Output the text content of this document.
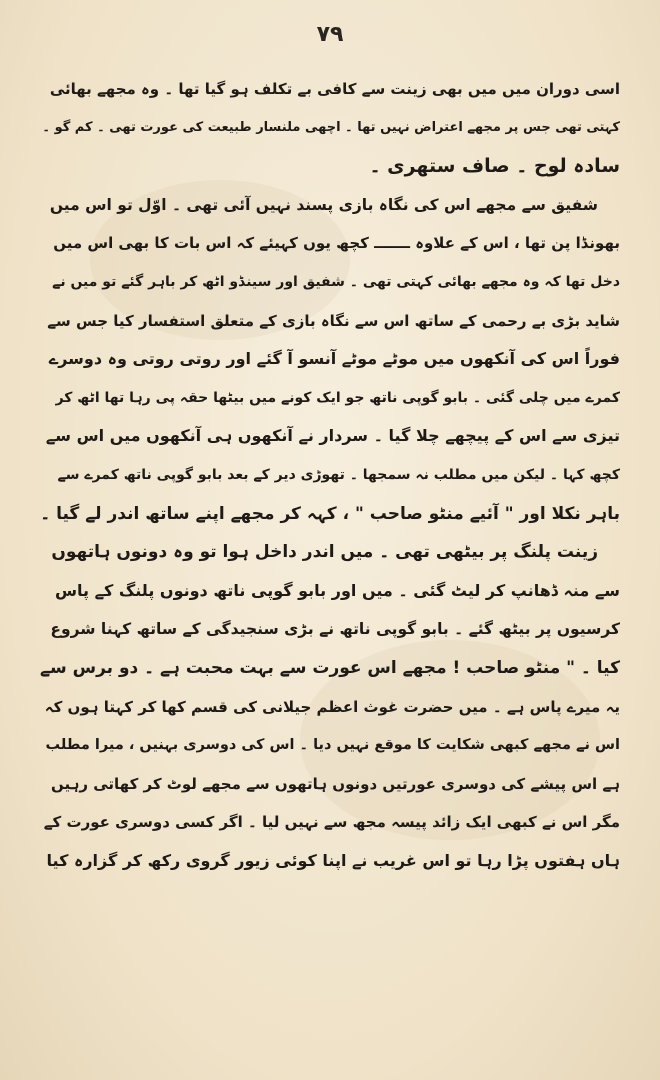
۷۹
اسی دوران میں میں بھی زینت سے کافی بے تکلف ہو گیا تھا ۔ وہ مجھے بھائی
کہتی تھی جس پر مجھے اعتراض نہیں تھا ۔ اچھی ملنسار طبیعت کی عورت تھی ۔ کم گو ۔
سادہ لوح ۔ صاف ستھری ۔
شفیق سے مجھے اس کی نگاہ بازی پسند نہیں آئی تھی ۔ اوّل تو اس میں
بھونڈا پن تھا ، اس کے علاوہ ـــــــ کچھ یوں کہیئے کہ اس بات کا بھی اس میں
دخل تھا کہ وہ مجھے بھائی کہتی تھی ۔ شفیق اور سینڈو اٹھ کر باہر گئے تو میں نے
شاید بڑی بے رحمی کے ساتھ اس سے نگاہ بازی کے متعلق استفسار کیا جس سے
فوراً اس کی آنکھوں میں موٹے موٹے آنسو آ گئے اور روتی روتی وہ دوسرے
کمرے میں چلی گئی ۔ بابو گوپی ناتھ جو ایک کونے میں بیٹھا حقہ پی رہا تھا اٹھ کر
تیزی سے اس کے پیچھے چلا گیا ۔ سردار نے آنکھوں ہی آنکھوں میں اس سے
کچھ کہا ۔ لیکن میں مطلب نہ سمجھا ۔ تھوڑی دیر کے بعد بابو گوپی ناتھ کمرے سے
باہر نکلا اور " آئیے منٹو صاحب " ، کہہ کر مجھے اپنے ساتھ اندر لے گیا ۔
زینت پلنگ پر بیٹھی تھی ۔ میں اندر داخل ہوا تو وہ دونوں ہاتھوں
سے منہ ڈھانپ کر لیٹ گئی ۔ میں اور بابو گوپی ناتھ دونوں پلنگ کے پاس
کرسیوں پر بیٹھ گئے ۔ بابو گوپی ناتھ نے بڑی سنجیدگی کے ساتھ کہنا شروع
کیا ۔ " منٹو صاحب ! مجھے اس عورت سے بہت محبت ہے ۔ دو برس سے
یہ میرے پاس ہے ۔ میں حضرت غوث اعظم جیلانی کی قسم کھا کر کہتا ہوں کہ
اس نے مجھے کبھی شکایت کا موقع نہیں دیا ۔ اس کی دوسری بہنیں ، میرا مطلب
ہے اس پیشے کی دوسری عورتیں دونوں ہاتھوں سے مجھے لوٹ کر کھاتی رہیں
مگر اس نے کبھی ایک زائد پیسہ مجھ سے نہیں لیا ۔ اگر کسی دوسری عورت کے
ہاں ہفتوں پڑا رہا تو اس غریب نے اپنا کوئی زیور گروی رکھ کر گزارہ کیا
